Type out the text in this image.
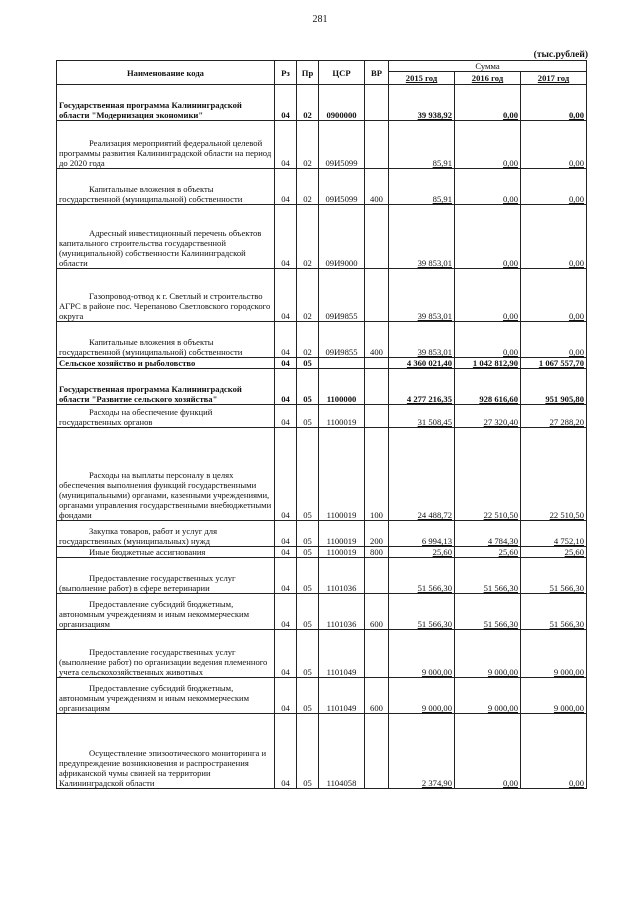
281
(тыс.рублей)
Наименование кода	Рз	Пр	ЦСР	ВР	Сумма		
					2015 год	2016 год	2017 год
Государственная программа Калининградской области "Модернизация экономики"	04	02	0900000		39 938,92	0,00	0,00
Реализация мероприятий федеральной целевой программы развития Калининградской области на период до 2020 года	04	02	09И5099		85,91	0,00	0,00
Капитальные вложения в объекты государственной (муниципальной) собственности	04	02	09И5099	400	85,91	0,00	0,00
Адресный инвестиционный перечень объектов капитального строительства государственной (муниципальной) собственности Калининградской области	04	02	09И9000		39 853,01	0,00	0,00
Газопровод-отвод к г. Светлый и строительство АГРС в районе пос. Черепаново Светловского городского округа	04	02	09И9855		39 853,01	0,00	0,00
Капитальные вложения в объекты государственной (муниципальной) собственности	04	02	09И9855	400	39 853,01	0,00	0,00
Сельское хозяйство и рыболовство	04	05			4 360 021,40	1 042 812,90	1 067 557,70
Государственная программа Калининградской области "Развитие сельского хозяйства"	04	05	1100000		4 277 216,35	928 616,60	951 905,80
Расходы на обеспечение функций государственных органов	04	05	1100019		31 508,45	27 320,40	27 288,20
Расходы на выплаты персоналу в целях обеспечения выполнения функций государственными (муниципальными) органами, казенными учреждениями, органами управления государственными внебюджетными фондами	04	05	1100019	100	24 488,72	22 510,50	22 510,50
Закупка товаров, работ и услуг для государственных (муниципальных) нужд	04	05	1100019	200	6 994,13	4 784,30	4 752,10
Иные бюджетные ассигнования	04	05	1100019	800	25,60	25,60	25,60
Предоставление государственных услуг (выполнение работ) в сфере ветеринарии	04	05	1101036		51 566,30	51 566,30	51 566,30
Предоставление субсидий бюджетным, автономным учреждениям и иным некоммерческим организациям	04	05	1101036	600	51 566,30	51 566,30	51 566,30
Предоставление государственных услуг (выполнение работ) по организации ведения племенного учета сельскохозяйственных животных	04	05	1101049		9 000,00	9 000,00	9 000,00
Предоставление субсидий бюджетным, автономным учреждениям и иным некоммерческим организациям	04	05	1101049	600	9 000,00	9 000,00	9 000,00
Осуществление эпизоотического мониторинга и предупреждение возникновения и распространения африканской чумы свиней на территории Калининградской области	04	05	1104058		2 374,90	0,00	0,00
